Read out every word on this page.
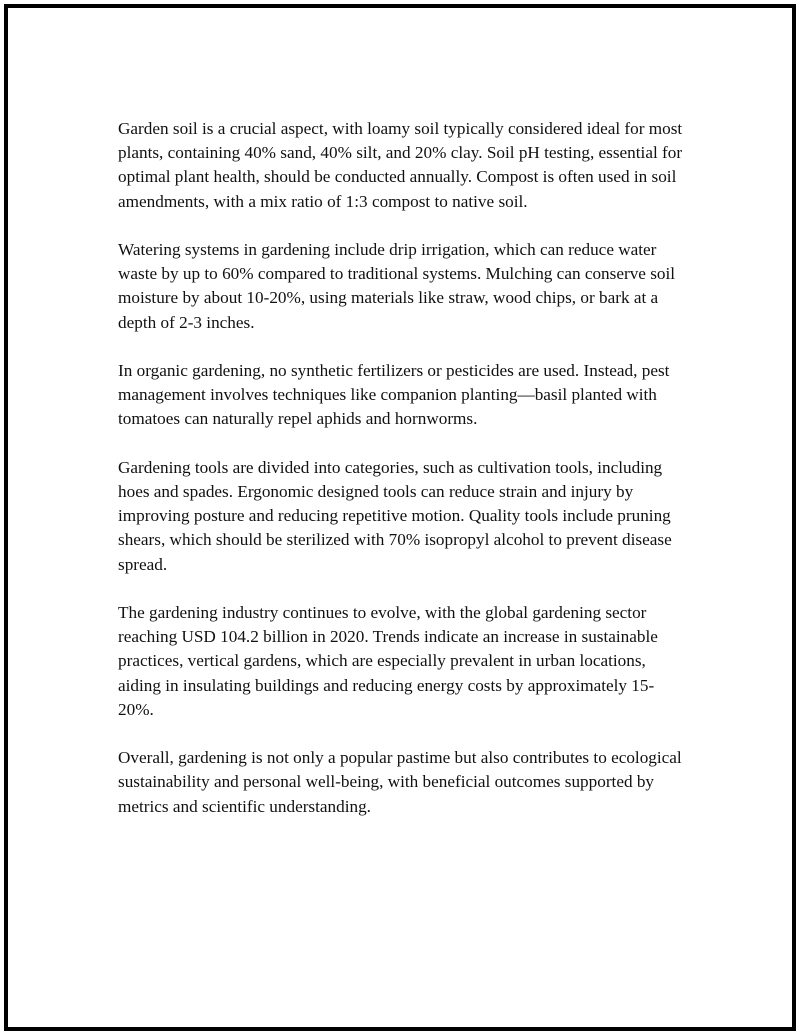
Garden soil is a crucial aspect, with loamy soil typically considered ideal for most plants, containing 40% sand, 40% silt, and 20% clay. Soil pH testing, essential for optimal plant health, should be conducted annually. Compost is often used in soil amendments, with a mix ratio of 1:3 compost to native soil.

Watering systems in gardening include drip irrigation, which can reduce water waste by up to 60% compared to traditional systems. Mulching can conserve soil moisture by about 10-20%, using materials like straw, wood chips, or bark at a depth of 2-3 inches.

In organic gardening, no synthetic fertilizers or pesticides are used. Instead, pest management involves techniques like companion planting—basil planted with tomatoes can naturally repel aphids and hornworms.

Gardening tools are divided into categories, such as cultivation tools, including hoes and spades. Ergonomic designed tools can reduce strain and injury by improving posture and reducing repetitive motion. Quality tools include pruning shears, which should be sterilized with 70% isopropyl alcohol to prevent disease spread.

The gardening industry continues to evolve, with the global gardening sector reaching USD 104.2 billion in 2020. Trends indicate an increase in sustainable practices, vertical gardens, which are especially prevalent in urban locations, aiding in insulating buildings and reducing energy costs by approximately 15-20%.

Overall, gardening is not only a popular pastime but also contributes to ecological sustainability and personal well-being, with beneficial outcomes supported by metrics and scientific understanding.
